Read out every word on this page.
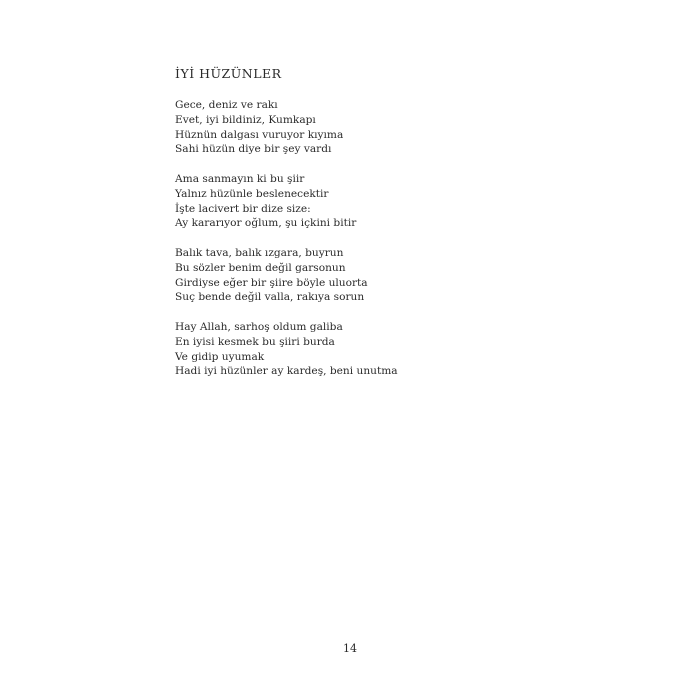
İYİ HÜZÜNLER
Gece, deniz ve rakı
Evet, iyi bildiniz, Kumkapı
Hüznün dalgası vuruyor kıyıma
Sahi hüzün diye bir şey vardı
Ama sanmayın ki bu şiir
Yalnız hüzünle beslenecektir
İşte lacivert bir dize size:
Ay kararıyor oğlum, şu içkini bitir
Balık tava, balık ızgara, buyrun
Bu sözler benim değil garsonun
Girdiyse eğer bir şiire böyle uluorta
Suç bende değil valla, rakıya sorun
Hay Allah, sarhoş oldum galiba
En iyisi kesmek bu şiiri burda
Ve gidip uyumak
Hadi iyi hüzünler ay kardeş, beni unutma

14
